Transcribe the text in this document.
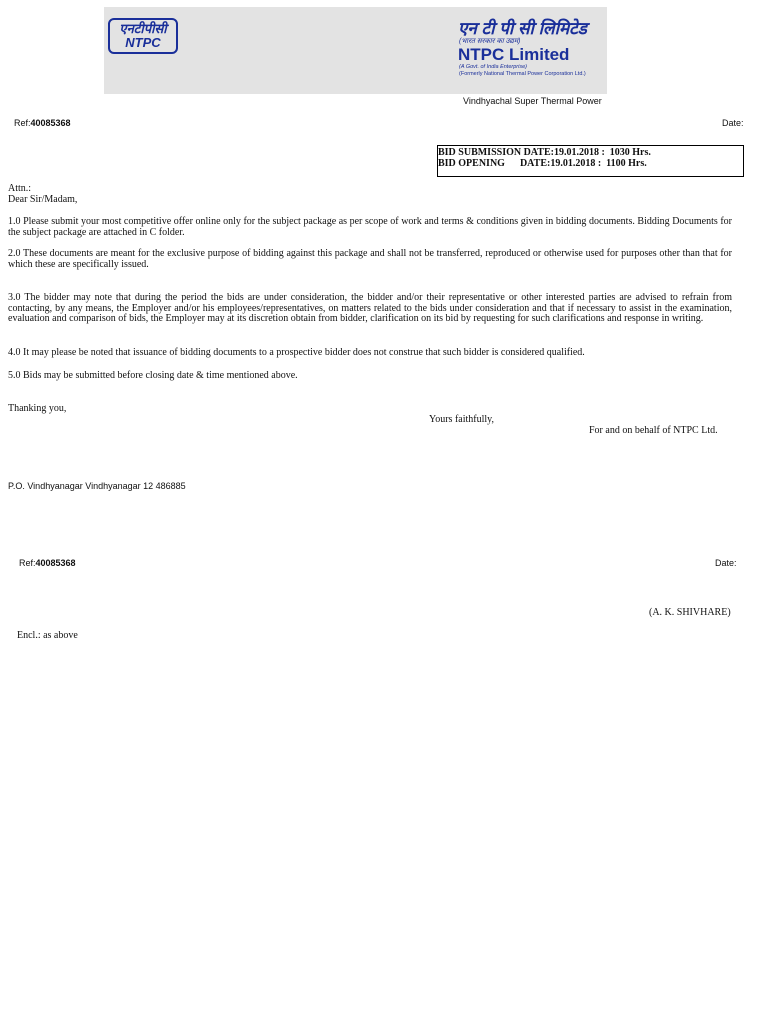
एनटीपीसी
NTPC
एन टी पी सी लिमिटेड
(भारत सरकार का उद्यम)
NTPC Limited
(A Govt. of India Enterprise)
(Formerly National Thermal Power Corporation Ltd.)
Vindhyachal Super Thermal Power
Ref:40085368	Date:
BID SUBMISSION DATE:19.01.2018 :  1030 Hrs.
BID OPENING      DATE:19.01.2018 :  1100 Hrs.
Attn.:
Dear Sir/Madam,
1.0 Please submit your most competitive offer online only for the subject package as per scope of work and terms & conditions given in bidding documents. Bidding Documents for the subject package are attached in C folder.
2.0 These documents are meant for the exclusive purpose of bidding against this package and shall not be transferred, reproduced or otherwise used for purposes other than that for which these are specifically issued.
3.0 The bidder may note that during the period the bids are under consideration, the bidder and/or their representative or other interested parties are advised to refrain from contacting, by any means, the Employer and/or his employees/representatives, on matters related to the bids under consideration and that if necessary to assist in the examination, evaluation and comparison of bids, the Employer may at its discretion obtain from bidder, clarification on its bid by requesting for such clarifications and response in writing.
4.0 It may please be noted that issuance of bidding documents to a prospective bidder does not construe that such bidder is considered qualified.
5.0 Bids may be submitted before closing date & time mentioned above.
Thanking you,
Yours faithfully,
For and on behalf of NTPC Ltd.
P.O. Vindhyanagar Vindhyanagar 12 486885
Ref:40085368	Date:
(A. K. SHIVHARE)
Encl.: as above
